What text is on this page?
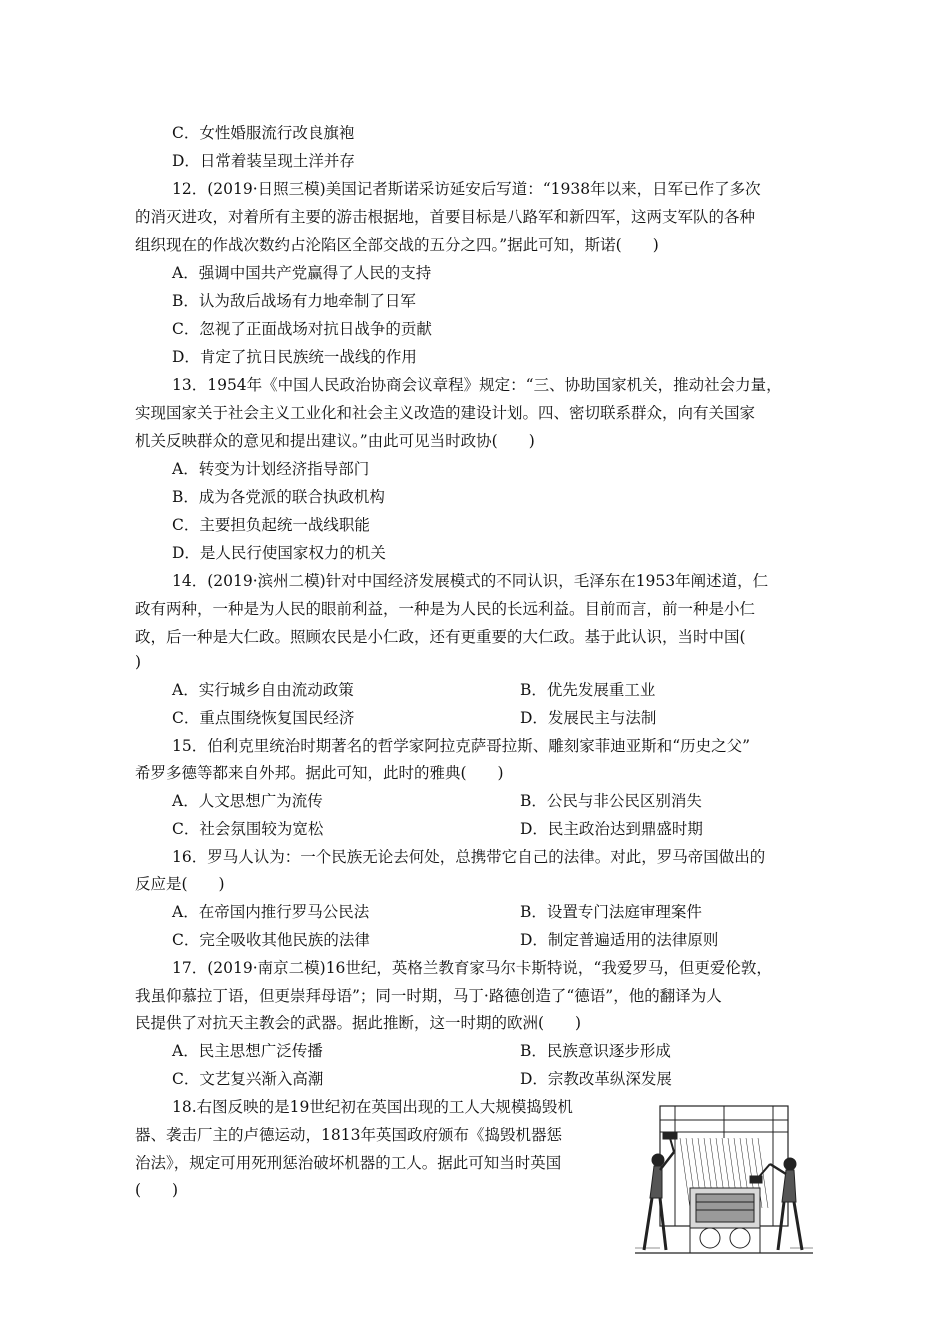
C．女性婚服流行改良旗袍
D．日常着装呈现土洋并存
12．(2019·日照三模)美国记者斯诺采访延安后写道：“1938年以来，日军已作了多次
的消灭进攻，对着所有主要的游击根据地，首要目标是八路军和新四军，这两支军队的各种
组织现在的作战次数约占沦陷区全部交战的五分之四。”据此可知，斯诺(　　)
A．强调中国共产党赢得了人民的支持
B．认为敌后战场有力地牵制了日军
C．忽视了正面战场对抗日战争的贡献
D．肯定了抗日民族统一战线的作用
13．1954年《中国人民政治协商会议章程》规定：“三、协助国家机关，推动社会力量，
实现国家关于社会主义工业化和社会主义改造的建设计划。四、密切联系群众，向有关国家
机关反映群众的意见和提出建议。”由此可见当时政协(　　)
A．转变为计划经济指导部门
B．成为各党派的联合执政机构
C．主要担负起统一战线职能
D．是人民行使国家权力的机关
14．(2019·滨州二模)针对中国经济发展模式的不同认识，毛泽东在1953年阐述道，仁
政有两种，一种是为人民的眼前利益，一种是为人民的长远利益。目前而言，前一种是小仁
政，后一种是大仁政。照顾农民是小仁政，还有更重要的大仁政。基于此认识，当时中国(
)
A．实行城乡自由流动政策	B．优先发展重工业
C．重点围绕恢复国民经济	D．发展民主与法制
15．伯利克里统治时期著名的哲学家阿拉克萨哥拉斯、雕刻家菲迪亚斯和“历史之父”
希罗多德等都来自外邦。据此可知，此时的雅典(　　)
A．人文思想广为流传	B．公民与非公民区别消失
C．社会氛围较为宽松	D．民主政治达到鼎盛时期
16．罗马人认为：一个民族无论去何处，总携带它自己的法律。对此，罗马帝国做出的
反应是(　　)
A．在帝国内推行罗马公民法	B．设置专门法庭审理案件
C．完全吸收其他民族的法律	D．制定普遍适用的法律原则
17．(2019·南京二模)16世纪，英格兰教育家马尔卡斯特说，“我爱罗马，但更爱伦敦，
我虽仰慕拉丁语，但更崇拜母语”；同一时期，马丁·路德创造了“德语”，他的翻译为人
民提供了对抗天主教会的武器。据此推断，这一时期的欧洲(　　)
A．民主思想广泛传播	B．民族意识逐步形成
C．文艺复兴渐入高潮	D．宗教改革纵深发展
18.右图反映的是19世纪初在英国出现的工人大规模捣毁机
器、袭击厂主的卢德运动，1813年英国政府颁布《捣毁机器惩
治法》，规定可用死刑惩治破坏机器的工人。据此可知当时英国
(　　)
